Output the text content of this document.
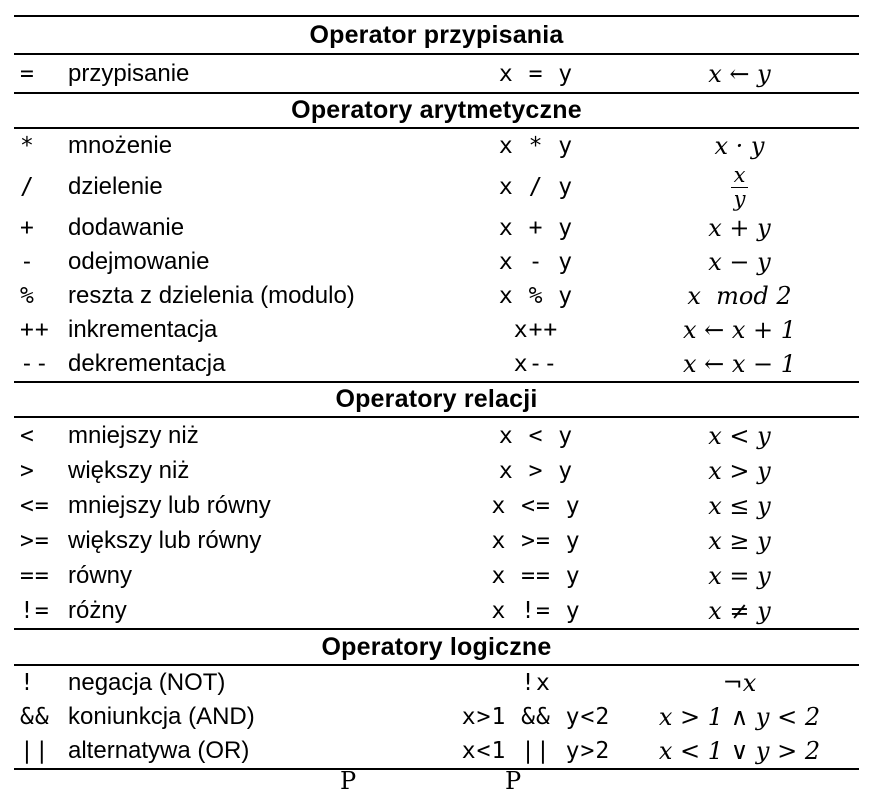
Operator przypisania
=	przypisanie	x = y	x ← y
Operatory arytmetyczne
*	mnożenie	x * y	x · y
/	dzielenie	x / y	$\frac{x}{y}$
+	dodawanie	x + y	x + y
-	odejmowanie	x - y	x − y
%	reszta z dzielenia (modulo)	x % y	x  mod 2
++ inkrementacja	x++	x ← x + 1
-- dekrementacja	x--	x ← x − 1
Operatory relacji
<	mniejszy niż	x < y	x < y
>	większy niż	x > y	x > y
<= mniejszy lub równy	x <= y	x ≤ y
>= większy lub równy	x >= y	x ≥ y
== równy	x == y	x = y
!= różny	x != y	x ≠ y
Operatory logiczne
!	negacja (NOT)	!x	¬x
&& koniunkcja (AND)	x>1 && y<2	x > 1 ∧ y < 2
|| alternatywa (OR)	x<1 || y>2	x < 1 ∨ y > 2
P	P
